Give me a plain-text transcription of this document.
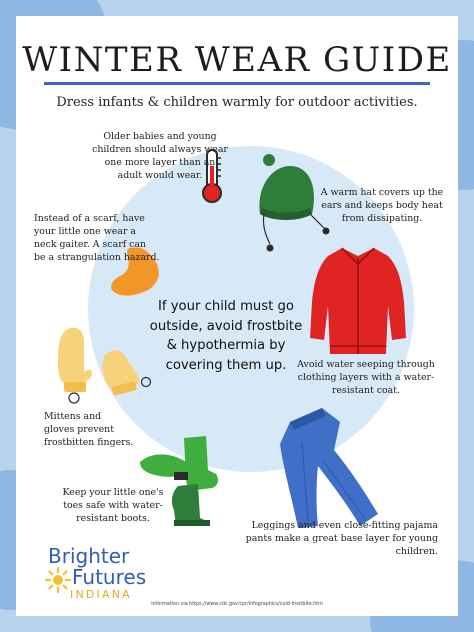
WINTER WEAR GUIDE
Dress infants & children warmly for outdoor activities.
Older babies and young children should always wear one more layer than an adult would wear.
A warm hat covers up the ears and keeps body heat from dissipating.
Instead of a scarf, have your little one wear a neck gaiter. A scarf can be a strangulation hazard.
Avoid water seeping through clothing layers with a water-resistant coat.
Mittens and gloves prevent frostbitten fingers.
Keep your little one's toes safe with water-resistant boots.
Leggings and even close-fitting pajama pants make a great base layer for young children.
If your child must go outside, avoid frostbite & hypothermia by covering them up.
Brighter
Futures
INDIANA
Information via https://www.cdc.gov/cpr/infographics/cold-frostbite.htm
